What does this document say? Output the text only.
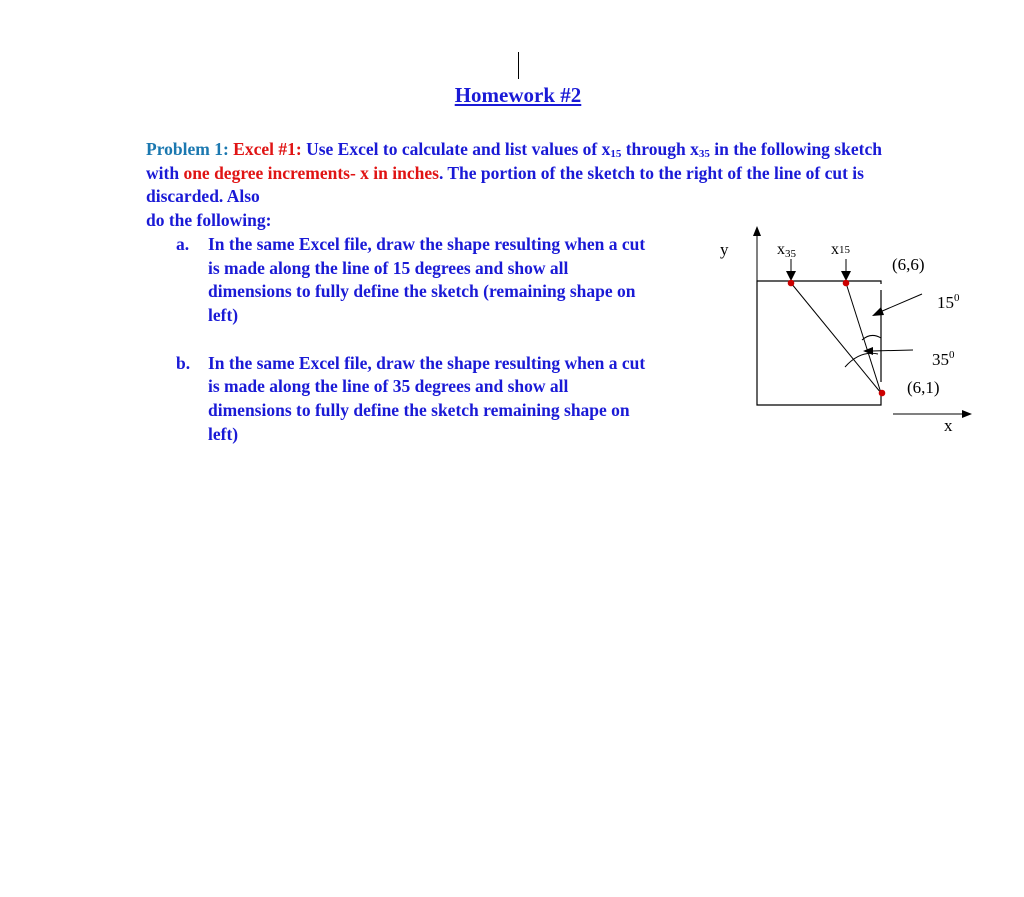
Homework #2
Problem 1: Excel #1: Use Excel to calculate and list values of $x_{15}$ through $x_{35}$ in the following sketch with one degree increments- x in inches. The portion of the sketch to the right of the line of cut is discarded. Also
do the following:
a. In the same Excel file, draw the shape resulting when a cut is made along the line of 15 degrees and show all dimensions to fully define the sketch (remaining shape on left)
b. In the same Excel file, draw the shape resulting when a cut is made along the line of 35 degrees and show all dimensions to fully define the sketch remaining shape on left)
y
x
x35 x15
(6,6)
(6,1)
$15^0$
$35^0$
